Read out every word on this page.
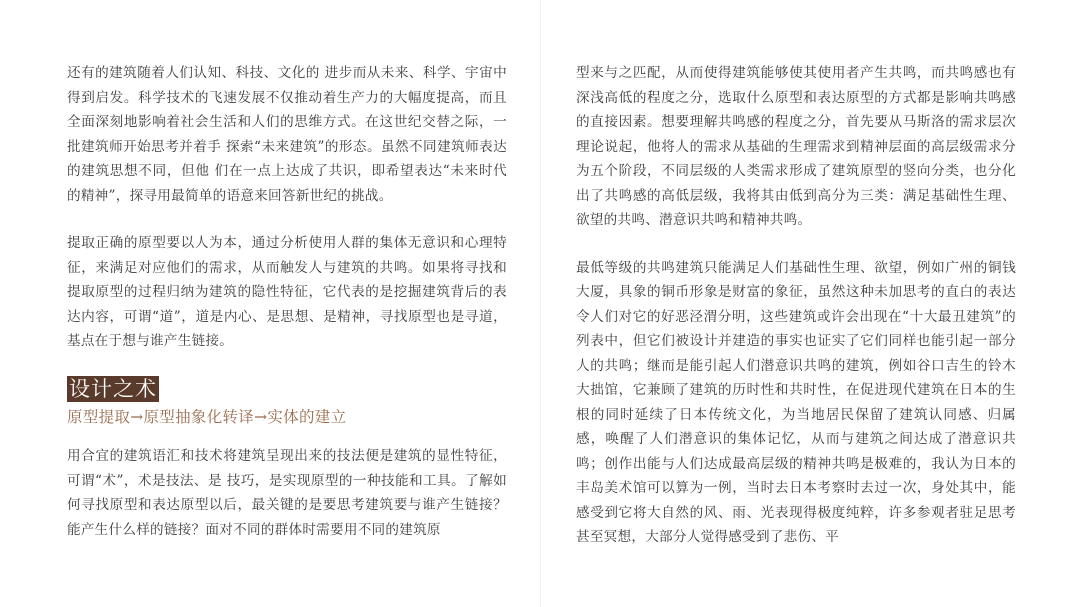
还有的建筑随着人们认知、科技、文化的 进步而从未来、科学、宇宙中得到启发。科学技术的飞速发展不仅推动着生产力的大幅度提高，而且全面深刻地影响着社会生活和人们的思维方式。在这世纪交替之际，一批建筑师开始思考并着手 探索“未来建筑”的形态。虽然不同建筑师表达的建筑思想不同，但他 们在一点上达成了共识，即希望表达“未来时代的精神”，探寻用最简单的语意来回答新世纪的挑战。

提取正确的原型要以人为本，通过分析使用人群的集体无意识和心理特征，来满足对应他们的需求，从而触发人与建筑的共鸣。如果将寻找和提取原型的过程归纳为建筑的隐性特征，它代表的是挖掘建筑背后的表达内容，可谓“道”，道是内心、是思想、是精神，寻找原型也是寻道，基点在于想与谁产生链接。

设计之术
原型提取→原型抽象化转译→实体的建立

用合宜的建筑语汇和技术将建筑呈现出来的技法便是建筑的显性特征，可谓“术”，术是技法、是 技巧，是实现原型的一种技能和工具。了解如何寻找原型和表达原型以后，最关键的是要思考建筑要与谁产生链接？能产生什么样的链接？面对不同的群体时需要用不同的建筑原

型来与之匹配，从而使得建筑能够使其使用者产生共鸣，而共鸣感也有深浅高低的程度之分，选取什么原型和表达原型的方式都是影响共鸣感的直接因素。想要理解共鸣感的程度之分，首先要从马斯洛的需求层次理论说起，他将人的需求从基础的生理需求到精神层面的高层级需求分为五个阶段，不同层级的人类需求形成了建筑原型的竖向分类，也分化出了共鸣感的高低层级，我将其由低到高分为三类：满足基础性生理、欲望的共鸣、潜意识共鸣和精神共鸣。

最低等级的共鸣建筑只能满足人们基础性生理、欲望，例如广州的铜钱大厦，具象的铜币形象是财富的象征，虽然这种未加思考的直白的表达令人们对它的好恶泾渭分明，这些建筑或许会出现在“十大最丑建筑”的列表中，但它们被设计并建造的事实也证实了它们同样也能引起一部分人的共鸣；继而是能引起人们潜意识共鸣的建筑，例如谷口吉生的铃木大拙馆，它兼顾了建筑的历时性和共时性，在促进现代建筑在日本的生根的同时延续了日本传统文化，为当地居民保留了建筑认同感、归属感，唤醒了人们潜意识的集体记忆，从而与建筑之间达成了潜意识共鸣；创作出能与人们达成最高层级的精神共鸣是极难的，我认为日本的丰岛美术馆可以算为一例，当时去日本考察时去过一次，身处其中，能感受到它将大自然的风、雨、光表现得极度纯粹，许多参观者驻足思考甚至冥想，大部分人觉得感受到了悲伤、平
